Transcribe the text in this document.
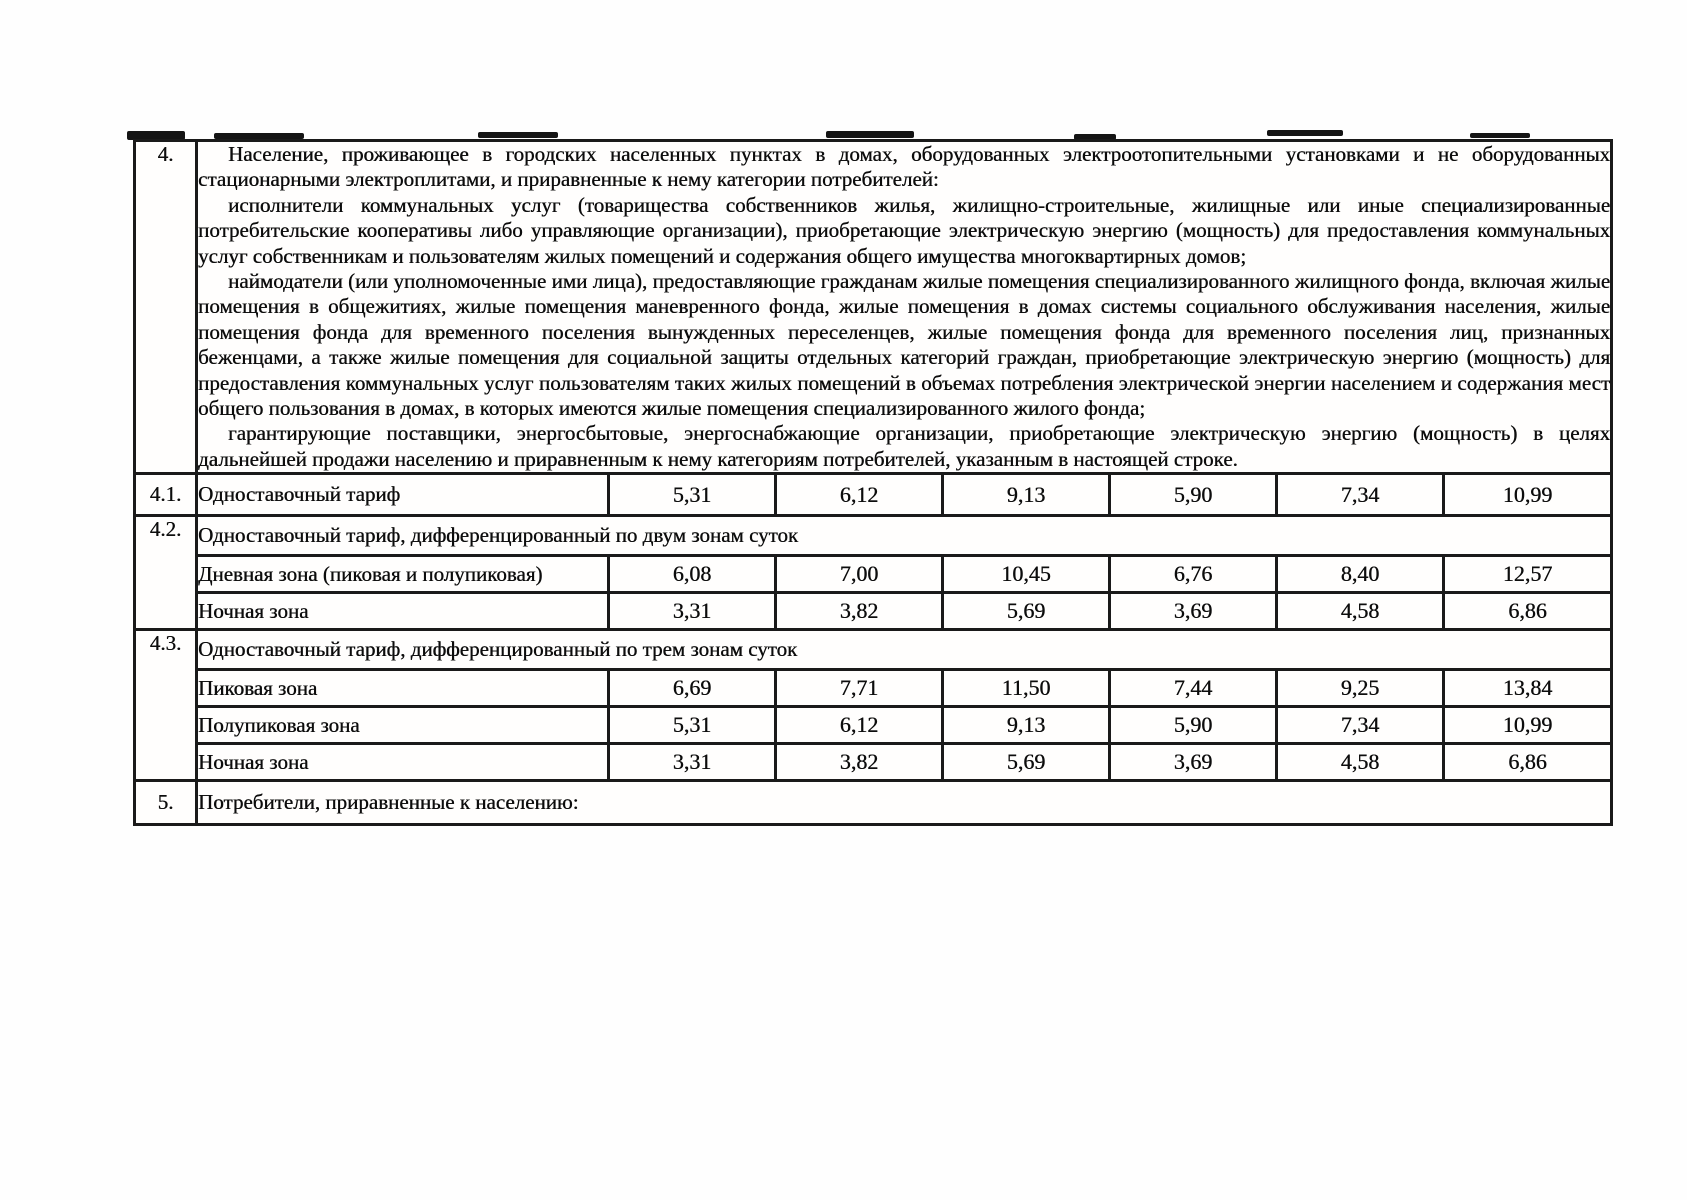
4.	Население, проживающее в городских населенных пунктах в домах, оборудованных электроотопительными установками и не оборудованных стационарными электроплитами, и приравненные к нему категории потребителей:

исполнители коммунальных услуг (товарищества собственников жилья, жилищно-строительные, жилищные или иные специализированные потребительские кооперативы либо управляющие организации), приобретающие электрическую энергию (мощность) для предоставления коммунальных услуг собственникам и пользователям жилых помещений и содержания общего имущества многоквартирных домов;

наймодатели (или уполномоченные ими лица), предоставляющие гражданам жилые помещения специализированного жилищного фонда, включая жилые помещения в общежитиях, жилые помещения маневренного фонда, жилые помещения в домах системы социального обслуживания населения, жилые помещения фонда для временного поселения вынужденных переселенцев, жилые помещения фонда для временного поселения лиц, признанных беженцами, а также жилые помещения для социальной защиты отдельных категорий граждан, приобретающие электрическую энергию (мощность) для предоставления коммунальных услуг пользователям таких жилых помещений в объемах потребления электрической энергии населением и содержания мест общего пользования в домах, в которых имеются жилые помещения специализированного жилого фонда;

гарантирующие поставщики, энергосбытовые, энергоснабжающие организации, приобретающие электрическую энергию (мощность) в целях дальнейшей продажи населению и приравненным к нему категориям потребителей, указанным в настоящей строке.						

4.1.	Одноставочный тариф	5,31	6,12	9,13	5,90	7,34	10,99
4.2.	Одноставочный тариф, дифференцированный по двум зонам суток						
	Дневная зона (пиковая и полупиковая)	6,08	7,00	10,45	6,76	8,40	12,57
	Ночная зона	3,31	3,82	5,69	3,69	4,58	6,86
4.3.	Одноставочный тариф, дифференцированный по трем зонам суток						
	Пиковая зона	6,69	7,71	11,50	7,44	9,25	13,84
	Полупиковая зона	5,31	6,12	9,13	5,90	7,34	10,99
	Ночная зона	3,31	3,82	5,69	3,69	4,58	6,86
5.	Потребители, приравненные к населению:						
